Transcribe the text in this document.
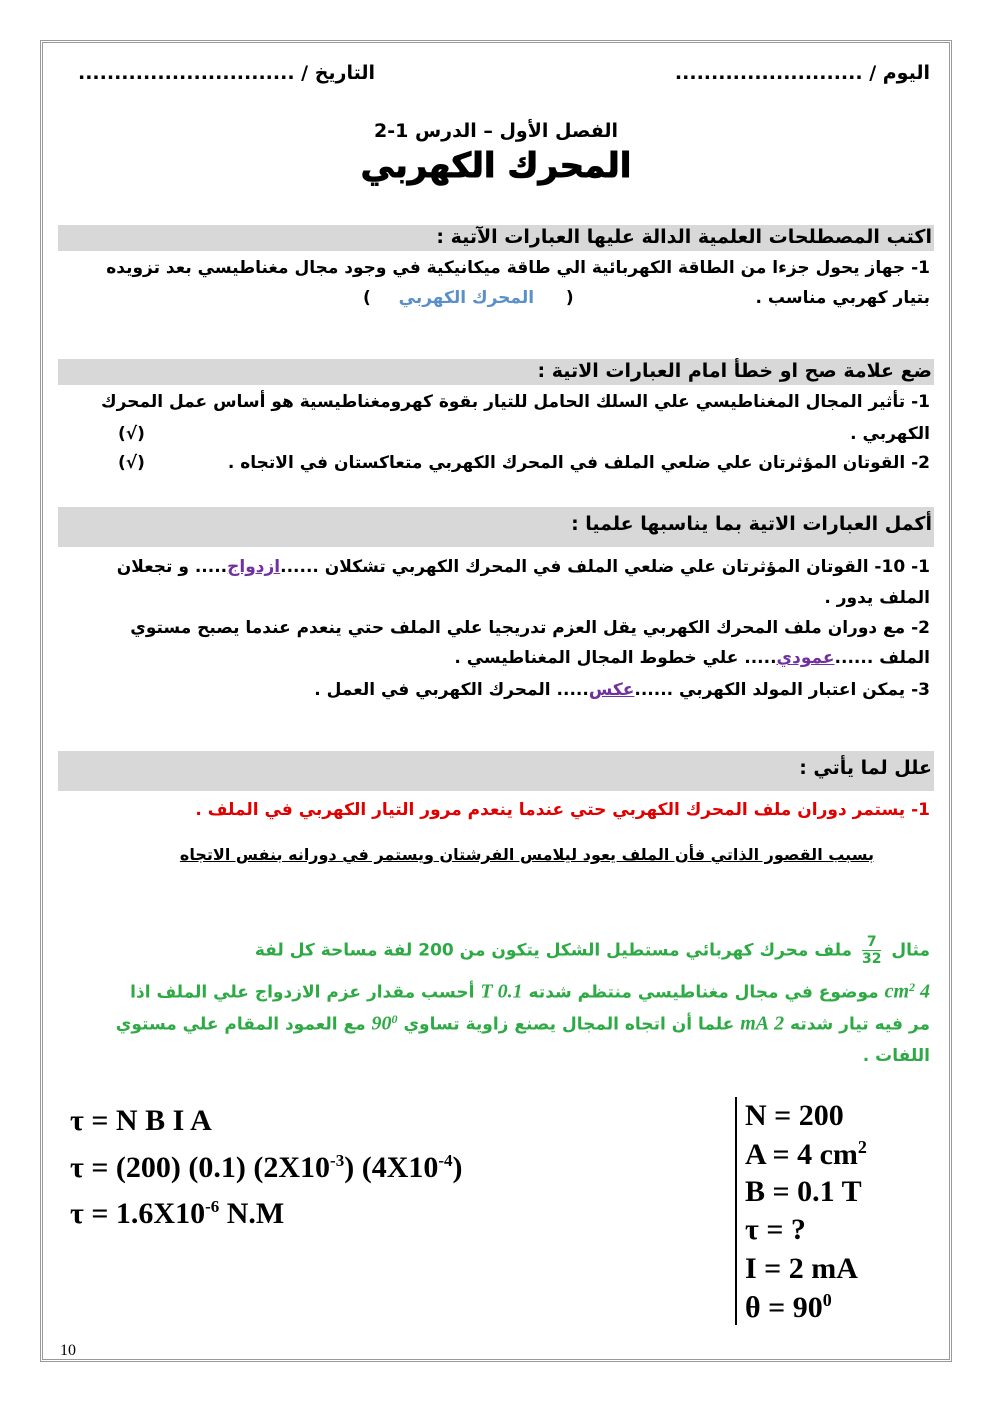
اليوم / ..........................
التاريخ / ..............................
الفصل الأول – الدرس 1-2
المحرك الكهربي
اكتب المصطلحات العلمية الدالة عليها العبارات الآتية :
1- جهاز يحول جزءا من الطاقة الكهربائية الي طاقة ميكانيكية في وجود مجال مغناطيسي بعد تزويده
بتيار كهربي مناسب .  (  المحرك الكهربي  )
ضع علامة صح او خطأ امام العبارات الاتية :
1- تأثير المجال المغناطيسي علي السلك الحامل للتيار بقوة كهرومغناطيسية هو أساس عمل المحرك
الكهربي .
(√)
2- القوتان المؤثرتان علي ضلعي الملف في المحرك الكهربي متعاكستان في الاتجاه .
(√)
أكمل العبارات الاتية بما يناسبها علميا :
1- 10- القوتان المؤثرتان علي ضلعي الملف في المحرك الكهربي تشكلان ......ازدواج..... و تجعلان
الملف يدور .
2- مع دوران ملف المحرك الكهربي يقل العزم تدريجيا علي الملف حتي ينعدم عندما يصبح مستوي
الملف ......عمودي..... علي خطوط المجال المغناطيسي .
3- يمكن اعتبار المولد الكهربي ......عكس..... المحرك الكهربي في العمل .
علل لما يأتي :
1- يستمر دوران ملف المحرك الكهربي حتي عندما ينعدم مرور التيار الكهربي في الملف .
بسبب القصور الذاتي فأن الملف يعود ليلامس الفرشتان ويستمر في دورانه بنفس الاتجاه
مثال
$\frac{7}{32}$
ملف محرك كهربائي مستطيل الشكل يتكون من 200 لفة مساحة كل لفة
4 $cm^2$ موضوع في مجال مغناطيسي منتظم شدته 0.1 T أحسب مقدار عزم الازدواج علي الملف اذا
مر فيه تيار شدته 2 mA علما أن اتجاه المجال يصنع زاوية تساوي $90^0$ مع العمود المقام علي مستوي
اللفات .
τ = N B I A
τ = (200) (0.1) $(2X10^{-3})$ $(4X10^{-4})$
$\tau = 1.6X10^{-6}$ N.M
N = 200
A = 4 $cm^2$
B = 0.1 T
τ = ?
I = 2 mA
$\theta = 90^0$
10
